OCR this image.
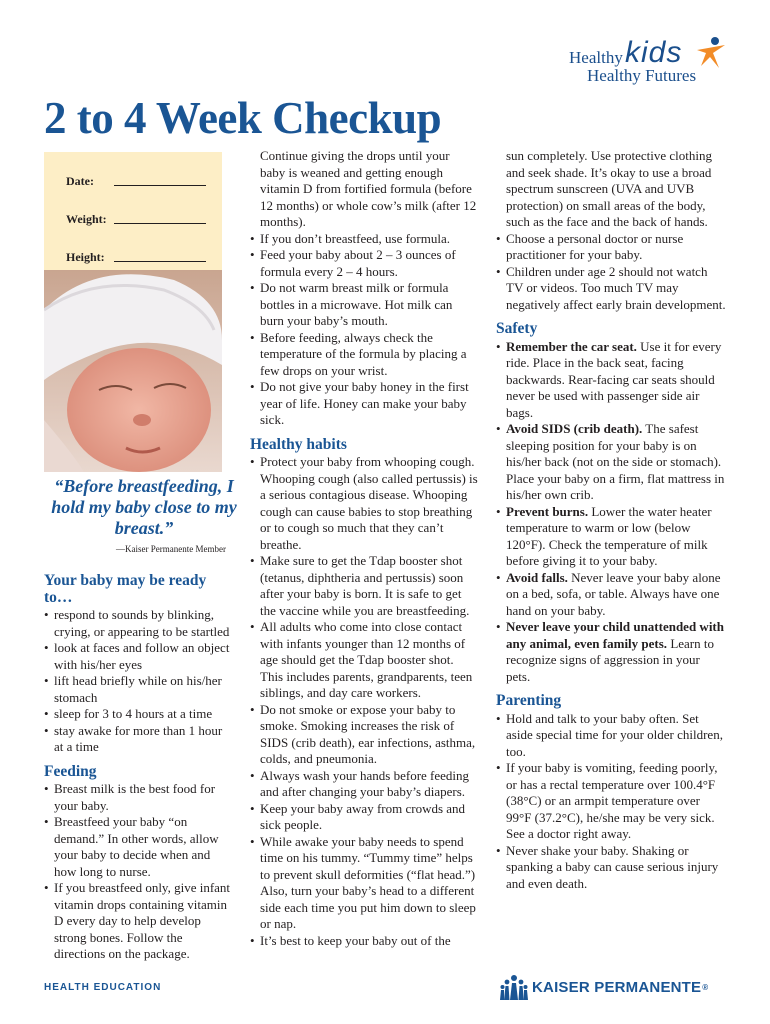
Healthy kids
Healthy Futures
2 to 4 Week Checkup
Date:
Weight:
Height:
“Before breastfeeding, I hold my baby close to my breast.”
—Kaiser Permanente Member
Your baby may be ready to…
• respond to sounds by blinking, crying, or appearing to be startled
• look at faces and follow an object with his/her eyes
• lift head briefly while on his/her stomach
• sleep for 3 to 4 hours at a time
• stay awake for more than 1 hour at a time
Feeding
• Breast milk is the best food for your baby.
• Breastfeed your baby “on demand.” In other words, allow your baby to decide when and how long to nurse.
• If you breastfeed only, give infant vitamin drops containing vitamin D every day to help develop strong bones. Follow the directions on the package.

Continue giving the drops until your baby is weaned and getting enough vitamin D from fortified formula (before 12 months) or whole cow’s milk (after 12 months).

• If you don’t breastfeed, use formula.
• Feed your baby about 2 – 3 ounces of formula every 2 – 4 hours.
• Do not warm breast milk or formula bottles in a microwave. Hot milk can burn your baby’s mouth.
• Before feeding, always check the temperature of the formula by placing a few drops on your wrist.
• Do not give your baby honey in the first year of life. Honey can make your baby sick.
Healthy habits
• Protect your baby from whooping cough. Whooping cough (also called pertussis) is a serious contagious disease. Whooping cough can cause babies to stop breathing or to cough so much that they can’t breathe.
• Make sure to get the Tdap booster shot (tetanus, diphtheria and pertussis) soon after your baby is born. It is safe to get the vaccine while you are breastfeeding.
• All adults who come into close contact with infants younger than 12 months of age should get the Tdap booster shot. This includes parents, grandparents, teen siblings, and day care workers.
• Do not smoke or expose your baby to smoke. Smoking increases the risk of SIDS (crib death), ear infections, asthma, colds, and pneumonia.
• Always wash your hands before feeding and after changing your baby’s diapers.
• Keep your baby away from crowds and sick people.
• While awake your baby needs to spend time on his tummy. “Tummy time” helps to prevent skull deformities (“flat head.”) Also, turn your baby’s head to a different side each time you put him down to sleep or nap.
• It’s best to keep your baby out of the

sun completely. Use protective clothing and seek shade. It’s okay to use a broad spectrum sunscreen (UVA and UVB protection) on small areas of the body, such as the face and the back of hands.

• Choose a personal doctor or nurse practitioner for your baby.
• Children under age 2 should not watch TV or videos. Too much TV may negatively affect early brain development.
Safety
• Remember the car seat. Use it for every ride. Place in the back seat, facing backwards. Rear-facing car seats should never be used with passenger side air bags.
• Avoid SIDS (crib death). The safest sleeping position for your baby is on his/her back (not on the side or stomach). Place your baby on a firm, flat mattress in his/her own crib.
• Prevent burns. Lower the water heater temperature to warm or low (below 120°F). Check the temperature of milk before giving it to your baby.
• Avoid falls. Never leave your baby alone on a bed, sofa, or table. Always have one hand on your baby.
• Never leave your child unattended with any animal, even family pets. Learn to recognize signs of aggression in your pets.
Parenting
• Hold and talk to your baby often. Set aside special time for your older children, too.
• If your baby is vomiting, feeding poorly, or has a rectal temperature over 100.4°F (38°C) or an armpit temperature over 99°F (37.2°C), he/she may be very sick. See a doctor right away.
• Never shake your baby. Shaking or spanking a baby can cause serious injury and even death.
HEALTH EDUCATION	KAISER PERMANENTE ®
